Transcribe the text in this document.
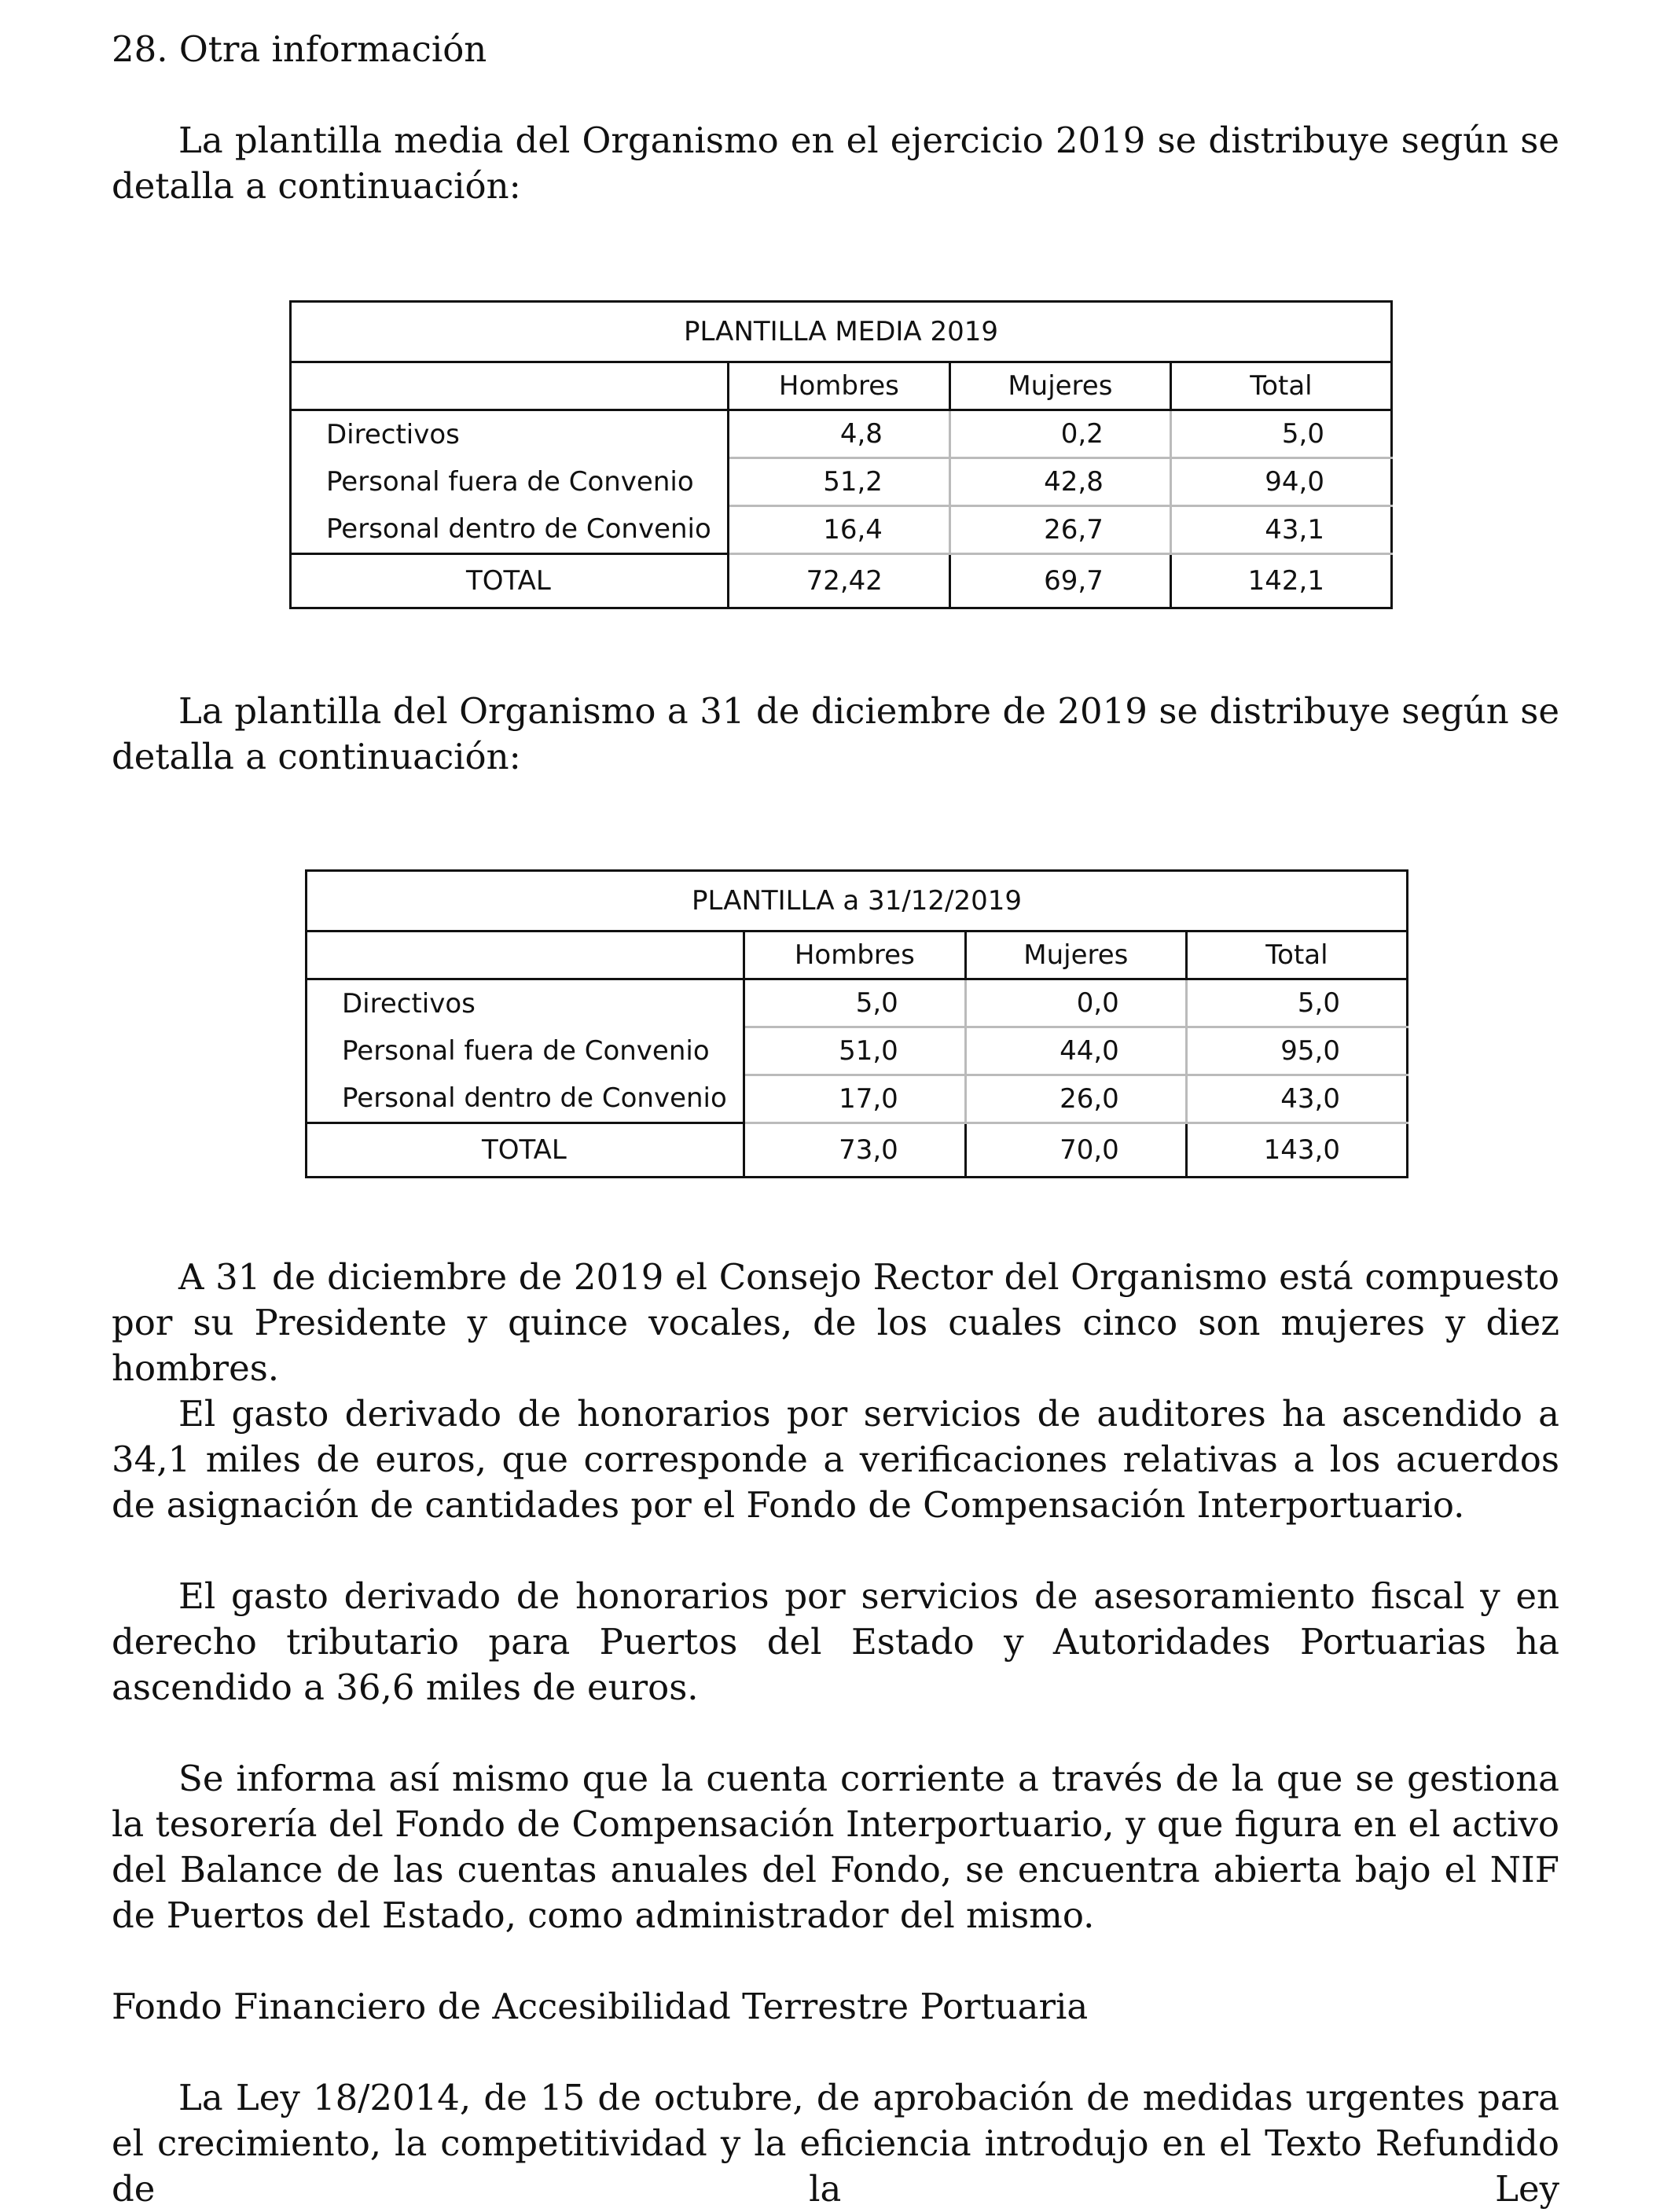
28. Otra información
La plantilla media del Organismo en el ejercicio 2019 se distribuye según se detalla a continuación:
PLANTILLA MEDIA 2019			
	Hombres	Mujeres	Total
Directivos	4,8	0,2	5,0
Personal fuera de Convenio	51,2	42,8	94,0
Personal dentro de Convenio	16,4	26,7	43,1
TOTAL	72,42	69,7	142,1
La plantilla del Organismo a 31 de diciembre de 2019 se distribuye según se detalla a continuación:
PLANTILLA a 31/12/2019			
	Hombres	Mujeres	Total
Directivos	5,0	0,0	5,0
Personal fuera de Convenio	51,0	44,0	95,0
Personal dentro de Convenio	17,0	26,0	43,0
TOTAL	73,0	70,0	143,0
A 31 de diciembre de 2019 el Consejo Rector del Organismo está compuesto por su Presidente y quince vocales, de los cuales cinco son mujeres y diez hombres.
El gasto derivado de honorarios por servicios de auditores ha ascendido a 34,1 miles de euros, que corresponde a verificaciones relativas a los acuerdos de asignación de cantidades por el Fondo de Compensación Interportuario.
El gasto derivado de honorarios por servicios de asesoramiento fiscal y en derecho tributario para Puertos del Estado y Autoridades Portuarias ha ascendido a 36,6 miles de euros.
Se informa así mismo que la cuenta corriente a través de la que se gestiona la tesorería del Fondo de Compensación Interportuario, y que figura en el activo del Balance de las cuentas anuales del Fondo, se encuentra abierta bajo el NIF de Puertos del Estado, como administrador del mismo.
Fondo Financiero de Accesibilidad Terrestre Portuaria
La Ley 18/2014, de 15 de octubre, de aprobación de medidas urgentes para el crecimiento, la competitividad y la eficiencia introdujo en el Texto Refundido de la Ley
